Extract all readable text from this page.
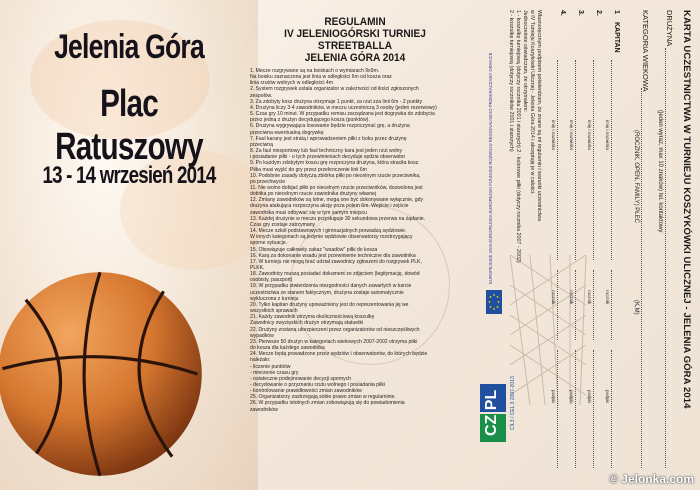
Jelenia Góra
Plac Ratuszowy
13 - 14 wrzesień 2014
REGULAMIN
IV JELENIOGÓRSKI TURNIEJ STREETBALLA
JELENIA GÓRA 2014

1. Mecze rozgrywane są na boiskach o wymiarach 9x9m.

Na boisku zaznaczona jest linia w odległości 6m od kosza oraz

linia rzutów wolnych w odległości 4m

2. System rozgrywek ustala organizator w zależności od ilości zgłoszonych

zespołów.

3. Za zdobyty kosz drużyna otrzymuje 1 punkt, za rzut zza linii 6m - 2 punkty

4. Drużyna liczy 3-4 zawodników, w meczu uczestniczą 3 osoby (jeden rezerwowy)

5. Czas gry 10 minut. W przypadku remisu zarządzana jest dogrywka do zdobycia

przez jedną z drużyn decydującego kosza (punktów).

6. Drużyna wygrywająca losowanie będzie rozpoczynać grę, a drużyna

przeciwna ewentualną dogrywkę

7. Faul karany jest stratą i wprowadzeniem piłki z boku przez drużynę

przeciwną

8. Za faul niesportowy lub faul techniczny kara jest jeden rzut wolny

i posiadanie piłki - o tych przewinieniach decyduje sędzia obserwator

9. Po każdym zdobytym koszu grę rozpoczyna drużyna, która straciła kosz.

Piłka musi wyjść do gry przez przekroczenie linii 6m

10. Podobnie zasady dotyczą zbiórka piłki po niecelnym rzucie przeciwnika,

po przechwycie

11. Nie wolno dobijać piłki po niecelnym rzucie przeciwników, dozwolona jest

dobitka po niecelnym rzucie zawodnika drużyny własnej

12. Zmiany zawodników są lotne, mogą one być dokonywane wyłącznie, gdy

drużyna atakująca rozpoczyna akcję poza polem 6m. Wejście i zejście

zawodnika musi odbywać się w tym samym miejscu

13. Każdej drużynie w meczu przysługuje 30 sekundowa przerwa na żądanie.

Czas gry zostaje zatrzymany

14. Mecze szkół podstawowych i gimnazjalnych prowadzą sędziowie.

W innych kategoriach są jedynie sędziowie obserwatorzy rozstrzygający

sporne sytuacje.

15. Obowiązuje całkowity zakaz "wsadów" piłki do kosza

16. Karą za dokonanie wsadu jest przewinienie techniczne dla zawodnika

17. W turnieju nie mogą brać udział zawodnicy zgłoszeni do rozgrywek PLK,

PLKK.

18. Zawodnicy muszą posiadać dokument ze zdjęciem (legitymację, dowód

osobisty, paszport)

19. W przypadku stwierdzenia niezgodności danych zawartych w karcie

uczestnictwa ze stanem faktycznym, drużyna zostaje automatycznie

wykluczona z turnieju

20. Tylko kapitan drużyny upoważniony jest do reprezentowania jej we

wszystkich sprawach

21. Każdy zawodnik otrzyma okolicznościową koszulkę

Zawodnicy zwycięskich drużyn otrzymają statuetki

22. Drużyny zostaną ubezpieczeni przez organizatorów od nieszczęśliwych

wypadków

23. Pierwsze 50 drużyn w kategoriach wiekowych 2007-2002 otrzyma piłki

do kosza dla każdego zawodnika

24. Mecze będą prowadzone przez sędziów i obserwatorów, do których będzie

należało:

- liczenie punktów

- mierzenie czasu gry

- ostateczne podejmowanie decyzji spornych

- decydowanie o przyznaniu rzutu wolnego i posiadania piłki

- kontrolowanie prawidłowości zmian zawodników

25. Organizatorzy zastrzegają sobie prawo zmian w regulaminie.

26. W przypadku istotnych zmian zobowiązują się do powiadomienia

zawodników

EUROPEJSKIE UNIA EUROPEJSKA EUROPEJSKI FUNDUSZ ROZWOJU REGIONALNEGO PRZEKRACZAMY GRANICE
CZ PL CÍL3 / CEL 3 2007-2013	KARTA UCZESTNICTWA W TURNIEJU KOSZYKÓWKI ULICZNEJ - JELENIA GÓRA 2014
DRUŻYNA
(jeden wyraz, max 10 znaków) tel. kontaktowy
KATEGORIA WIEKOWA
(ROCZNIK, OPEN, FAMILY) PŁEĆ
(K,M)
1
KAPITAN
imię i nazwisko
rocznik
podpis
2.
imię i nazwisko
rocznik
podpis
3.
imię i nazwisko
rocznik
podpis
4.
imię i nazwisko
rocznik
podpis

Własnoręcznym podpisem potwierdzam, że znane są mi regulamin i warunki uczestnictwa

w IV Turnieju Koszykówki Ulicznej - Jelenia Góra 2014 i akceptuję je w całości.

Jednocześnie oświadczam, że otrzymałem:

1 - koszulkę turniejową (dotyczy rocznika 2001 i starszych) 2 - kolorowe piłki (dotyczy rocznika 2007 - 2002)

2 - koszulkę turniejową (dotyczy roczników 2001 i starszych)

© Jelonka.com
